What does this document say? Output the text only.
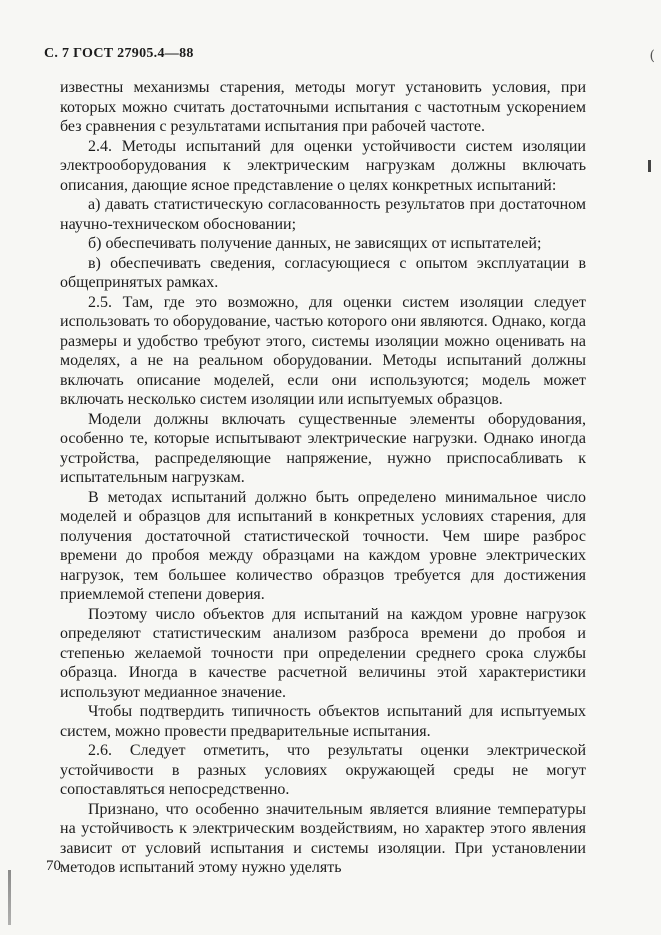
С. 7 ГОСТ 27905.4—88	(

известны механизмы старения, методы могут установить условия, при которых можно считать достаточными испытания с частотным ускорением без сравнения с результатами испытания при рабочей частоте.

2.4. Методы испытаний для оценки устойчивости систем изоляции электрооборудования к электрическим нагрузкам должны включать описания, дающие ясное представление о целях конкретных испытаний:

а) давать статистическую согласованность результатов при достаточном научно-техническом обосновании;

б) обеспечивать получение данных, не зависящих от испытателей;

в) обеспечивать сведения, согласующиеся с опытом эксплуатации в общепринятых рамках.

2.5. Там, где это возможно, для оценки систем изоляции следует использовать то оборудование, частью которого они являются. Однако, когда размеры и удобство требуют этого, системы изоляции можно оценивать на моделях, а не на реальном оборудовании. Методы испытаний должны включать описание моделей, если они используются; модель может включать несколько систем изоляции или испытуемых образцов.

Модели должны включать существенные элементы оборудования, особенно те, которые испытывают электрические нагрузки. Однако иногда устройства, распределяющие напряжение, нужно приспосабливать к испытательным нагрузкам.

В методах испытаний должно быть определено минимальное число моделей и образцов для испытаний в конкретных условиях старения, для получения достаточной статистической точности. Чем шире разброс времени до пробоя между образцами на каждом уровне электрических нагрузок, тем большее количество образцов требуется для достижения приемлемой степени доверия.

Поэтому число объектов для испытаний на каждом уровне нагрузок определяют статистическим анализом разброса времени до пробоя и степенью желаемой точности при определении среднего срока службы образца. Иногда в качестве расчетной величины этой характеристики используют медианное значение.

Чтобы подтвердить типичность объектов испытаний для испытуемых систем, можно провести предварительные испытания.

2.6. Следует отметить, что результаты оценки электрической устойчивости в разных условиях окружающей среды не могут сопоставляться непосредственно.

Признано, что особенно значительным является влияние температуры на устойчивость к электрическим воздействиям, но характер этого явления зависит от условий испытания и системы изоляции. При установлении методов испытаний этому нужно уделять

70
